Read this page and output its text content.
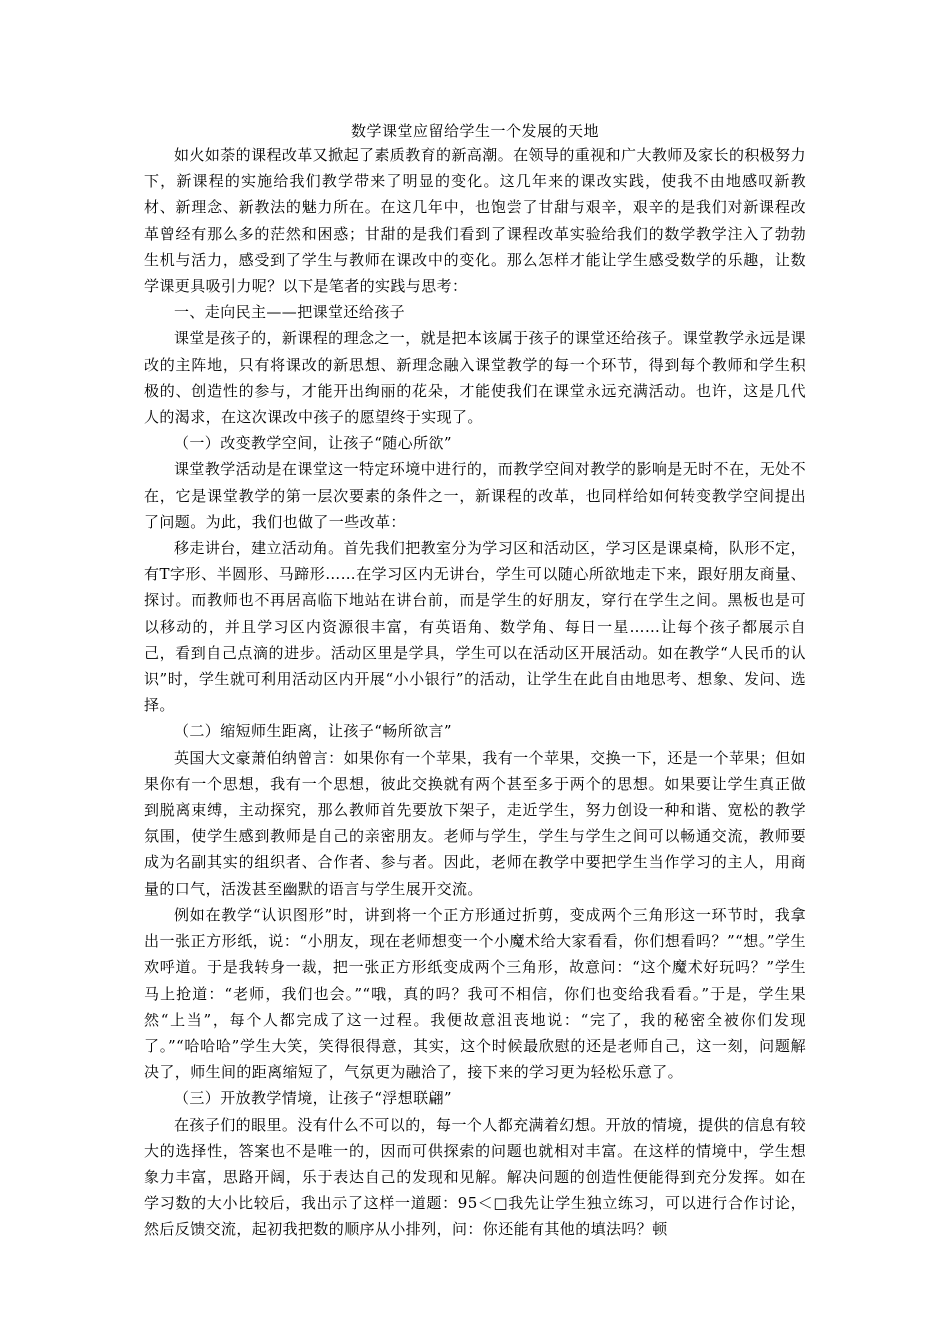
数学课堂应留给学生一个发展的天地

如火如荼的课程改革又掀起了素质教育的新高潮。在领导的重视和广大教师及家长的积极努力下，新课程的实施给我们教学带来了明显的变化。这几年来的课改实践，使我不由地感叹新教材、新理念、新教法的魅力所在。在这几年中，也饱尝了甘甜与艰辛，艰辛的是我们对新课程改革曾经有那么多的茫然和困惑；甘甜的是我们看到了课程改革实验给我们的数学教学注入了勃勃生机与活力，感受到了学生与教师在课改中的变化。那么怎样才能让学生感受数学的乐趣，让数学课更具吸引力呢？以下是笔者的实践与思考：

一、走向民主——把课堂还给孩子

课堂是孩子的，新课程的理念之一，就是把本该属于孩子的课堂还给孩子。课堂教学永远是课改的主阵地，只有将课改的新思想、新理念融入课堂教学的每一个环节，得到每个教师和学生积极的、创造性的参与，才能开出绚丽的花朵，才能使我们在课堂永远充满活动。也许，这是几代人的渴求，在这次课改中孩子的愿望终于实现了。

（一）改变教学空间，让孩子“随心所欲”

课堂教学活动是在课堂这一特定环境中进行的，而教学空间对教学的影响是无时不在，无处不在，它是课堂教学的第一层次要素的条件之一，新课程的改革，也同样给如何转变教学空间提出了问题。为此，我们也做了一些改革：

移走讲台，建立活动角。首先我们把教室分为学习区和活动区，学习区是课桌椅，队形不定，有T字形、半圆形、马蹄形……在学习区内无讲台，学生可以随心所欲地走下来，跟好朋友商量、探讨。而教师也不再居高临下地站在讲台前，而是学生的好朋友，穿行在学生之间。黑板也是可以移动的，并且学习区内资源很丰富，有英语角、数学角、每日一星……让每个孩子都展示自己，看到自己点滴的进步。活动区里是学具，学生可以在活动区开展活动。如在教学“人民币的认识”时，学生就可利用活动区内开展“小小银行”的活动，让学生在此自由地思考、想象、发问、选择。

（二）缩短师生距离，让孩子“畅所欲言”

英国大文豪萧伯纳曾言：如果你有一个苹果，我有一个苹果，交换一下，还是一个苹果；但如果你有一个思想，我有一个思想，彼此交换就有两个甚至多于两个的思想。如果要让学生真正做到脱离束缚，主动探究，那么教师首先要放下架子，走近学生，努力创设一种和谐、宽松的教学氛围，使学生感到教师是自己的亲密朋友。老师与学生，学生与学生之间可以畅通交流，教师要成为名副其实的组织者、合作者、参与者。因此，老师在教学中要把学生当作学习的主人，用商量的口气，活泼甚至幽默的语言与学生展开交流。

例如在教学“认识图形”时，讲到将一个正方形通过折剪，变成两个三角形这一环节时，我拿出一张正方形纸，说：“小朋友，现在老师想变一个小魔术给大家看看，你们想看吗？”“想。”学生欢呼道。于是我转身一裁，把一张正方形纸变成两个三角形，故意问：“这个魔术好玩吗？”学生马上抢道：“老师，我们也会。”“哦，真的吗？我可不相信，你们也变给我看看。”于是，学生果然“上当”，每个人都完成了这一过程。我便故意沮丧地说：“完了，我的秘密全被你们发现了。”“哈哈哈”学生大笑，笑得很得意，其实，这个时候最欣慰的还是老师自己，这一刻，问题解决了，师生间的距离缩短了，气氛更为融洽了，接下来的学习更为轻松乐意了。

（三）开放教学情境，让孩子“浮想联翩”

在孩子们的眼里。没有什么不可以的，每一个人都充满着幻想。开放的情境，提供的信息有较大的选择性，答案也不是唯一的，因而可供探索的问题也就相对丰富。在这样的情境中，学生想象力丰富，思路开阔，乐于表达自己的发现和见解。解决问题的创造性便能得到充分发挥。如在学习数的大小比较后，我出示了这样一道题：95＜□我先让学生独立练习，可以进行合作讨论，然后反馈交流，起初我把数的顺序从小排列，问：你还能有其他的填法吗？顿
